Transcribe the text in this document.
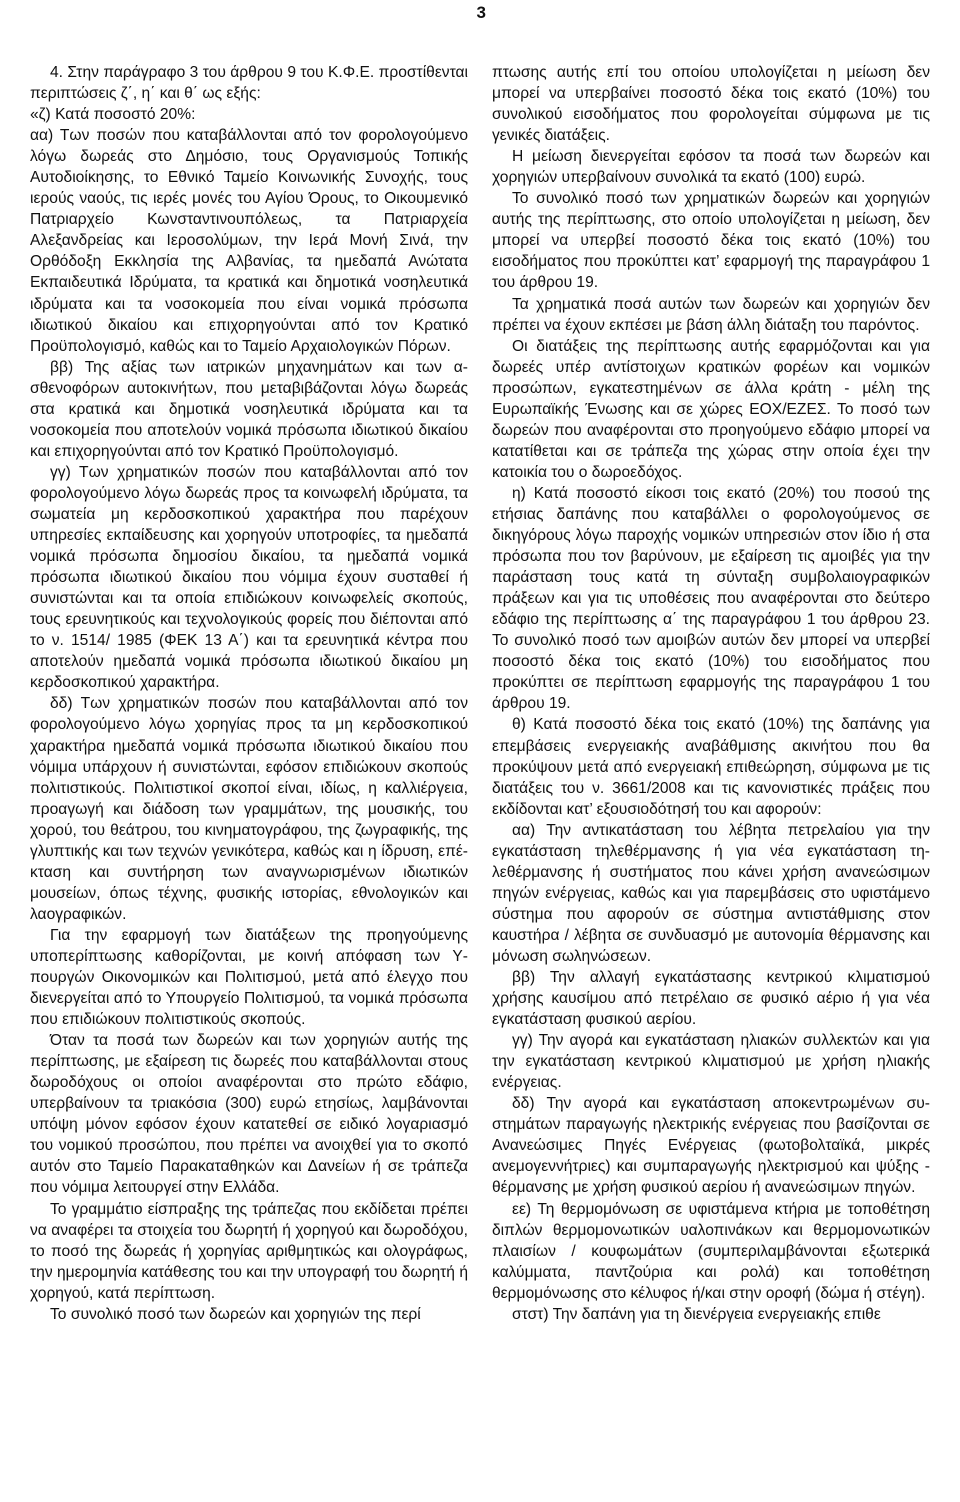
3

4. Στην παράγραφο 3 του άρθρου 9 του Κ.Φ.Ε. προστίθενται περιπτώσεις ζ΄, η΄ και θ΄ ως εξής:

«ζ) Κατά ποσοστό 20%:

αα) Των ποσών που καταβάλλονται από τον φορολογούμενο λόγω δωρεάς στο Δημόσιο, τους Οργανισμούς Τοπικής Αυτοδιοίκησης, το Εθνικό Ταμείο Κοινωνικής Συνοχής, τους ιερούς ναούς, τις ιερές μονές του Αγίου Όρους, το Οικουμενικό Πατριαρχείο Κωνσταντινουπόλεως, τα Πατριαρχεία Αλεξανδρείας και Ιεροσολύμων, την Ιερά Μονή Σινά, την Ορθόδοξη Εκκλησία της Αλβανίας, τα ημεδαπά Ανώτατα Εκπαιδευτικά Ιδρύματα, τα κρατικά και δημοτικά νοσηλευτικά ιδρύματα και τα νοσοκομεία που είναι νομικά πρόσωπα ιδιωτικού δικαίου και επιχορηγούνται από τον Κρατικό Προϋπολογισμό, καθώς και το Ταμείο Αρχαιολογικών Πόρων.

ββ) Της αξίας των ιατρικών μηχανημάτων και των ασθενοφόρων αυτοκινήτων, που μεταβιβάζονται λόγω δωρεάς στα κρατικά και δημοτικά νοσηλευτικά ιδρύματα και τα νοσοκομεία που αποτελούν νομικά πρόσωπα ιδιωτικού δικαίου και επιχορηγούνται από τον Κρατικό Προϋπολογισμό.

γγ) Των χρηματικών ποσών που καταβάλλονται από τον φορολογούμενο λόγω δωρεάς προς τα κοινωφελή ιδρύματα, τα σωματεία μη κερδοσκοπικού χαρακτήρα που παρέχουν υπηρεσίες εκπαίδευσης και χορηγούν υποτροφίες, τα ημεδαπά νομικά πρόσωπα δημοσίου δικαίου, τα ημεδαπά νομικά πρόσωπα ιδιωτικού δικαίου που νόμιμα έχουν συσταθεί ή συνιστώνται και τα οποία επιδιώκουν κοινωφελείς σκοπούς, τους ερευνητικούς και τεχνολογικούς φορείς που διέπονται από το ν. 1514/ 1985 (ΦΕΚ 13 Α΄) και τα ερευνητικά κέντρα που αποτελούν ημεδαπά νομικά πρόσωπα ιδιωτικού δικαίου μη κερδοσκοπικού χαρακτήρα.

δδ) Των χρηματικών ποσών που καταβάλλονται από τον φορολογούμενο λόγω χορηγίας προς τα μη κερδοσκοπικού χαρακτήρα ημεδαπά νομικά πρόσωπα ιδιωτικού δικαίου που νόμιμα υπάρχουν ή συνιστώνται, εφόσον επιδιώκουν σκοπούς πολιτιστικούς. Πολιτιστικοί σκοποί είναι, ιδίως, η καλλιέργεια, προαγωγή και διάδοση των γραμμάτων, της μουσικής, του χορού, του θεάτρου, του κινηματογράφου, της ζωγραφικής, της γλυπτικής και των τεχνών γενικότερα, καθώς και η ίδρυση, επέκταση και συντήρηση των αναγνωρισμένων ιδιωτικών μουσείων, όπως τέχνης, φυσικής ιστορίας, εθνολογικών και λαογραφικών.

Για την εφαρμογή των διατάξεων της προηγούμενης υποπερίπτωσης καθορίζονται, με κοινή απόφαση των Υπουργών Οικονομικών και Πολιτισμού, μετά από έλεγχο που διενεργείται από το Υπουργείο Πολιτισμού, τα νομικά πρόσωπα που επιδιώκουν πολιτιστικούς σκοπούς.

Όταν τα ποσά των δωρεών και των χορηγιών αυτής της περίπτωσης, με εξαίρεση τις δωρεές που καταβάλλονται στους δωροδόχους οι οποίοι αναφέρονται στο πρώτο εδάφιο, υπερβαίνουν τα τριακόσια (300) ευρώ ετησίως, λαμβάνονται υπόψη μόνον εφόσον έχουν κατατεθεί σε ειδικό λογαριασμό του νομικού προσώπου, που πρέπει να ανοιχθεί για το σκοπό αυτόν στο Ταμείο Παρακαταθηκών και Δανείων ή σε τράπεζα που νόμιμα λειτουργεί στην Ελλάδα.

Το γραμμάτιο είσπραξης της τράπεζας που εκδίδεται πρέπει να αναφέρει τα στοιχεία του δωρητή ή χορηγού και δωροδόχου, το ποσό της δωρεάς ή χορηγίας αριθμητικώς και ολογράφως, την ημερομηνία κατάθεσης του και την υπογραφή του δωρητή ή χορηγού, κατά περίπτωση.

Το συνολικό ποσό των δωρεών και χορηγιών της περί

πτωσης αυτής επί του οποίου υπολογίζεται η μείωση δεν μπορεί να υπερβαίνει ποσοστό δέκα τοις εκατό (10%) του συνολικού εισοδήματος που φορολογείται σύμφωνα με τις γενικές διατάξεις.

Η μείωση διενεργείται εφόσον τα ποσά των δωρεών και χορηγιών υπερβαίνουν συνολικά τα εκατό (100) ευρώ.

Το συνολικό ποσό των χρηματικών δωρεών και χορηγιών αυτής της περίπτωσης, στο οποίο υπολογίζεται η μείωση, δεν μπορεί να υπερβεί ποσοστό δέκα τοις εκατό (10%) του εισοδήματος που προκύπτει κατ’ εφαρμογή της παραγράφου 1 του άρθρου 19.

Τα χρηματικά ποσά αυτών των δωρεών και χορηγιών δεν πρέπει να έχουν εκπέσει με βάση άλλη διάταξη του παρόντος.

Οι διατάξεις της περίπτωσης αυτής εφαρμόζονται και για δωρεές υπέρ αντίστοιχων κρατικών φορέων και νομικών προσώπων, εγκατεστημένων σε άλλα κράτη - μέλη της Ευρωπαϊκής Ένωσης και σε χώρες ΕΟΧ/ΕΖΕΣ. Το ποσό των δωρεών που αναφέρονται στο προηγούμενο εδάφιο μπορεί να κατατίθεται και σε τράπεζα της χώρας στην οποία έχει την κατοικία του ο δωροεδόχος.

η) Κατά ποσοστό είκοσι τοις εκατό (20%) του ποσού της ετήσιας δαπάνης που καταβάλλει ο φορολογούμενος σε δικηγόρους λόγω παροχής νομικών υπηρεσιών στον ίδιο ή στα πρόσωπα που τον βαρύνουν, με εξαίρεση τις αμοιβές για την παράσταση τους κατά τη σύνταξη συμβολαιογραφικών πράξεων και για τις υποθέσεις που αναφέρονται στο δεύτερο εδάφιο της περίπτωσης α΄ της παραγράφου 1 του άρθρου 23. Το συνολικό ποσό των αμοιβών αυτών δεν μπορεί να υπερβεί ποσοστό δέκα τοις εκατό (10%) του εισοδήματος που προκύπτει σε περίπτωση εφαρμογής της παραγράφου 1 του άρθρου 19.

θ) Κατά ποσοστό δέκα τοις εκατό (10%) της δαπάνης για επεμβάσεις ενεργειακής αναβάθμισης ακινήτου που θα προκύψουν μετά από ενεργειακή επιθεώρηση, σύμφωνα με τις διατάξεις του ν. 3661/2008 και τις κανονιστικές πράξεις που εκδίδονται κατ’ εξουσιοδότησή του και αφορούν:

αα) Την αντικατάσταση του λέβητα πετρελαίου για την εγκατάσταση τηλεθέρμανσης ή για νέα εγκατάσταση τηλεθέρμανσης ή συστήματος που κάνει χρήση ανανεώσιμων πηγών ενέργειας, καθώς και για παρεμβάσεις στο υφιστάμενο σύστημα που αφορούν σε σύστημα αντιστάθμισης στον καυστήρα / λέβητα σε συνδυασμό με αυτονομία θέρμανσης και μόνωση σωληνώσεων.

ββ) Την αλλαγή εγκατάστασης κεντρικού κλιματισμού χρήσης καυσίμου από πετρέλαιο σε φυσικό αέριο ή για νέα εγκατάσταση φυσικού αερίου.

γγ) Την αγορά και εγκατάσταση ηλιακών συλλεκτών και για την εγκατάσταση κεντρικού κλιματισμού με χρήση ηλιακής ενέργειας.

δδ) Την αγορά και εγκατάσταση αποκεντρωμένων συστημάτων παραγωγής ηλεκτρικής ενέργειας που βασίζονται σε Ανανεώσιμες Πηγές Ενέργειας (φωτοβολταϊκά, μικρές ανεμογεννήτριες) και συμπαραγωγής ηλεκτρισμού και ψύξης - θέρμανσης με χρήση φυσικού αερίου ή ανανεώσιμων πηγών.

εε) Τη θερμομόνωση σε υφιστάμενα κτήρια με τοποθέτηση διπλών θερμομονωτικών υαλοπινάκων και θερμομονωτικών πλαισίων / κουφωμάτων (συμπεριλαμβάνονται εξωτερικά καλύμματα, παντζούρια και ρολά) και τοποθέτηση θερμομόνωσης στο κέλυφος ή/και στην οροφή (δώμα ή στέγη).

στστ) Την δαπάνη για τη διενέργεια ενεργειακής επιθε
